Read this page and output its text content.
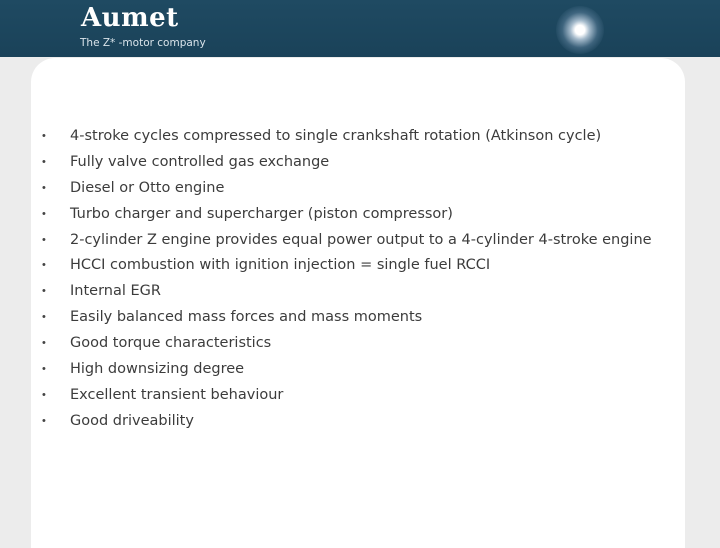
Aumet
The Z* -motor company
• 4-stroke cycles compressed to single crankshaft rotation (Atkinson cycle)
• Fully valve controlled gas exchange
• Diesel or Otto engine
• Turbo charger and supercharger (piston compressor)
• 2-cylinder Z engine provides equal power output to a 4-cylinder 4-stroke engine
• HCCI combustion with ignition injection = single fuel RCCI
• Internal EGR
• Easily balanced mass forces and mass moments
• Good torque characteristics
• High downsizing degree
• Excellent transient behaviour
• Good driveability
